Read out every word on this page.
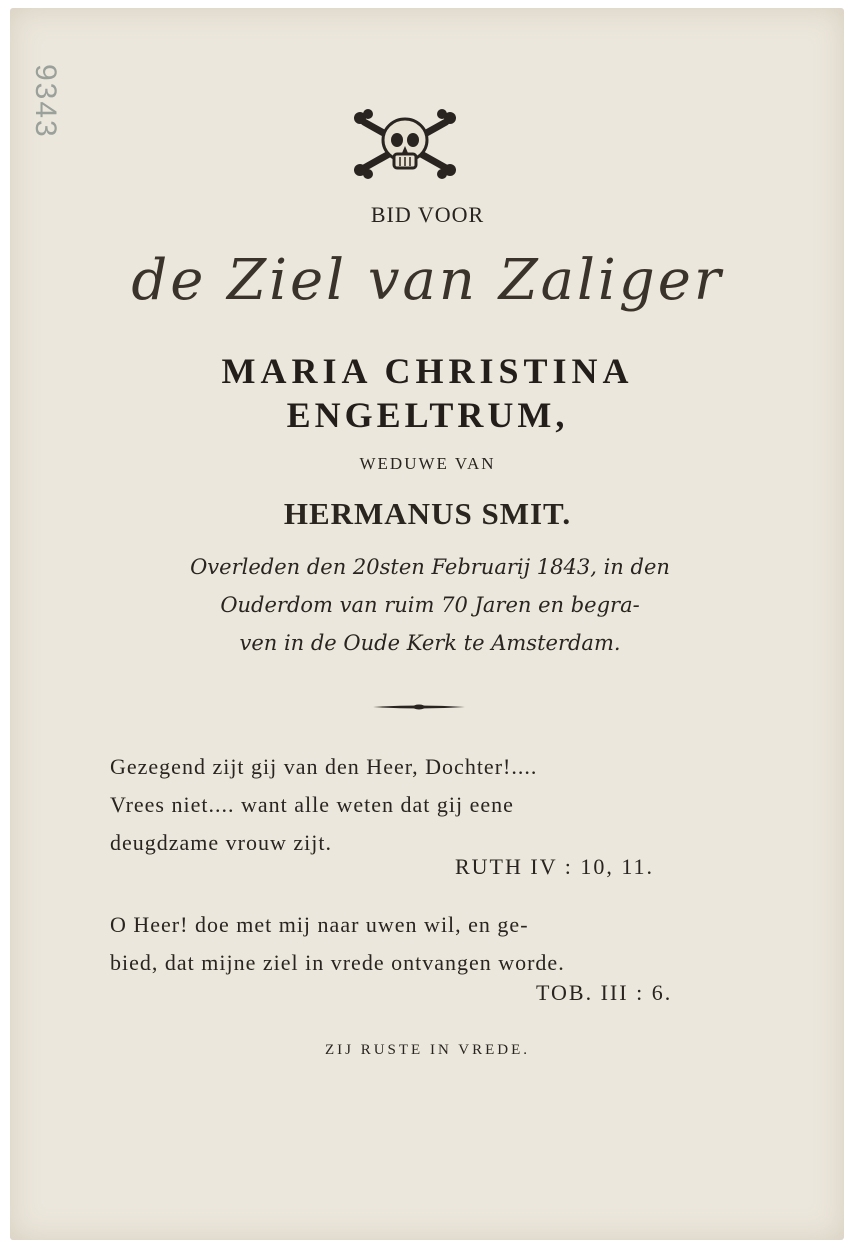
9343
BID VOOR
de Ziel van Zaliger
MARIA CHRISTINA
ENGELTRUM,
WEDUWE VAN
HERMANUS SMIT.
Overleden den 20sten Februarij 1843, in den
Ouderdom van ruim 70 Jaren en begra-
ven in de Oude Kerk te Amsterdam.
Gezegend zijt gij van den Heer, Dochter!....
Vrees niet.... want alle weten dat gij eene
deugdzame vrouw zijt.
RUTH IV : 10, 11.
O Heer! doe met mij naar uwen wil, en ge-
bied, dat mijne ziel in vrede ontvangen worde.
TOB. III : 6.
ZIJ RUSTE IN VREDE.
